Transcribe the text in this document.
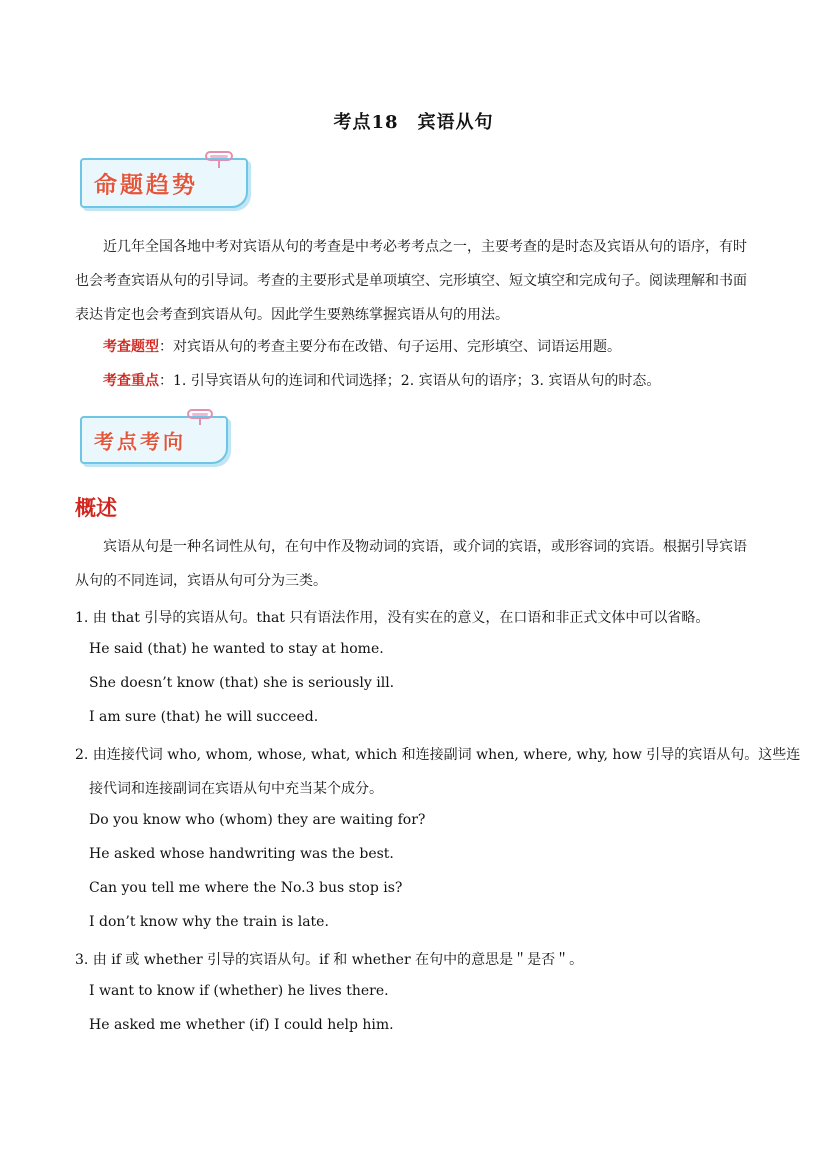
考点18　宾语从句
命题趋势
近几年全国各地中考对宾语从句的考查是中考必考考点之一，主要考查的是时态及宾语从句的语序，有时也会考查宾语从句的引导词。考查的主要形式是单项填空、完形填空、短文填空和完成句子。阅读理解和书面表达肯定也会考查到宾语从句。因此学生要熟练掌握宾语从句的用法。
考查题型：对宾语从句的考查主要分布在改错、句子运用、完形填空、词语运用题。
考查重点：1. 引导宾语从句的连词和代词选择；2. 宾语从句的语序；3. 宾语从句的时态。
考点考向
概述
宾语从句是一种名词性从句，在句中作及物动词的宾语，或介词的宾语，或形容词的宾语。根据引导宾语从句的不同连词，宾语从句可分为三类。
1. 由 that 引导的宾语从句。that 只有语法作用，没有实在的意义，在口语和非正式文体中可以省略。
He said (that) he wanted to stay at home.
She doesn’t know (that) she is seriously ill.
I am sure (that) he will succeed.
2. 由连接代词 who, whom, whose, what, which 和连接副词 when, where, why, how 引导的宾语从句。这些连
接代词和连接副词在宾语从句中充当某个成分。
Do you know who (whom) they are waiting for?
He asked whose handwriting was the best.
Can you tell me where the No.3 bus stop is?
I don’t know why the train is late.
3. 由 if 或 whether 引导的宾语从句。if 和 whether 在句中的意思是＂是否＂。
I want to know if (whether) he lives there.
He asked me whether (if) I could help him.
